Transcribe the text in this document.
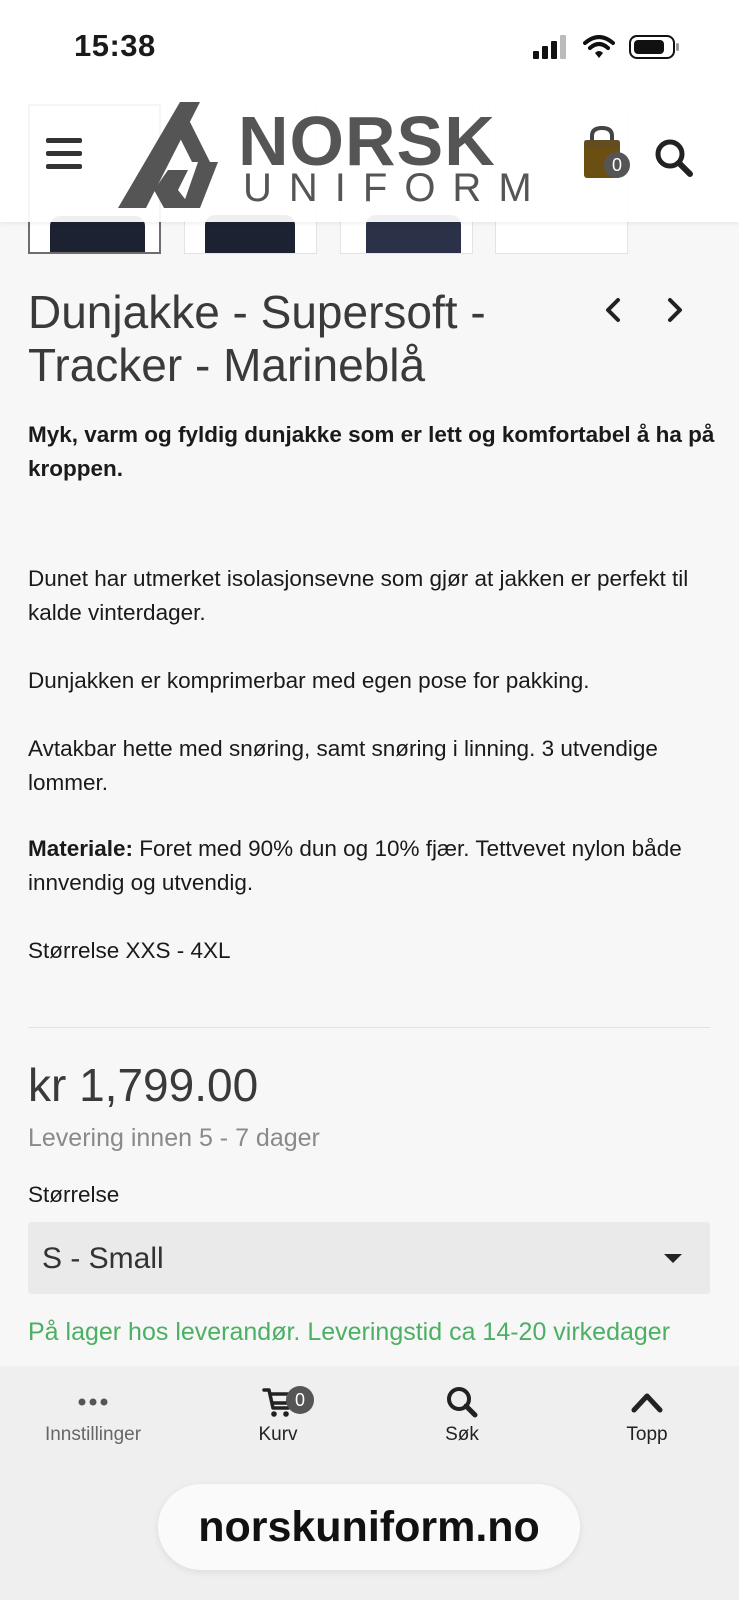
15:38
NORSK
UNIFORM
0
Dunjakke - Supersoft - Tracker - Marineblå
Myk, varm og fyldig dunjakke som er lett og komfortabel å ha på kroppen.
Dunet har utmerket isolasjonsevne som gjør at jakken er perfekt til kalde vinterdager.
Dunjakken er komprimerbar med egen pose for pakking.
Avtakbar hette med snøring, samt snøring i linning. 3 utvendige lommer.
Materiale: Foret med 90% dun og 10% fjær. Tettvevet nylon både innvendig og utvendig.
Størrelse XXS - 4XL
kr 1,799.00
Levering innen 5 - 7 dager
Størrelse
S - Small
På lager hos leverandør. Leveringstid ca 14-20 virkedager
Innstillinger
0
Kurv	Søk	Topp
norskuniform.no
